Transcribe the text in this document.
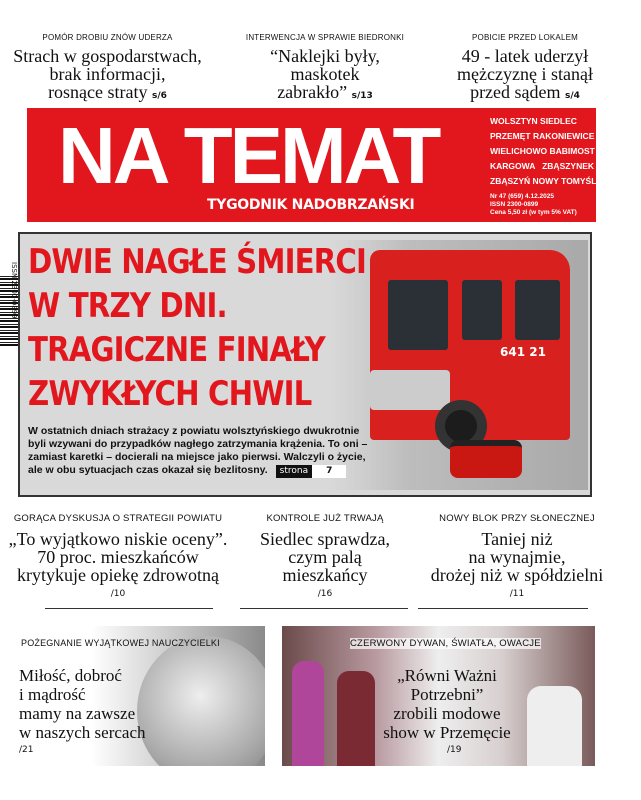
POMÓR DROBIU ZNÓW UDERZA
Strach w gospodarstwach,
brak informacji,
rosnące straty s/6
INTERWENCJA W SPRAWIE BIEDRONKI
“Naklejki były,
maskotek
zabrakło” s/13
POBICIE PRZED LOKALEM
49 - latek uderzył
mężczyznę i stanął
przed sądem s/4
NA TEMAT
TYGODNIK NADOBRZAŃSKI
WOLSZTYN SIEDLEC
PRZEMĘT RAKONIEWICE
WIELICHOWO BABIMOST
KARGOWA   ZBĄSZYNEK
ZBĄSZYŃ NOWY TOMYŚL
Nr 47 (659) 4.12.2025
ISSN 2300-0899
Cena 5,50 zł (w tym 5% VAT)
ISSN 2300-0899
641 21
DWIE NAGŁE ŚMIERCI
W TRZY DNI.
TRAGICZNE FINAŁY
ZWYKŁYCH CHWIL
W ostatnich dniach strażacy z powiatu wolsztyńskiego dwukrotnie byli wzywani do przypadków nagłego zatrzymania krążenia. To oni – zamiast karetki – docierali na miejsce jako pierwsi. Walczyli o życie, ale w obu sytuacjach czas okazał się bezlitosny.	strona	7
GORĄCA DYSKUSJA O STRATEGII POWIATU
„To wyjątkowo niskie oceny”.
70 proc. mieszkańców
krytykuje opiekę zdrowotną
/10
KONTROLE JUŻ TRWAJĄ
Siedlec sprawdza,
czym palą
mieszkańcy
/16
NOWY BLOK PRZY SŁONECZNEJ
Taniej niż
na wynajmie,
drożej niż w spółdzielni
/11
POŻEGNANIE WYJĄTKOWEJ NAUCZYCIELKI
Miłość, dobroć
i mądrość
mamy na zawsze
w naszych sercach
/21
CZERWONY DYWAN, ŚWIATŁA, OWACJE
„Równi Ważni
Potrzebni”
zrobili modowe
show w Przemęcie
/19
